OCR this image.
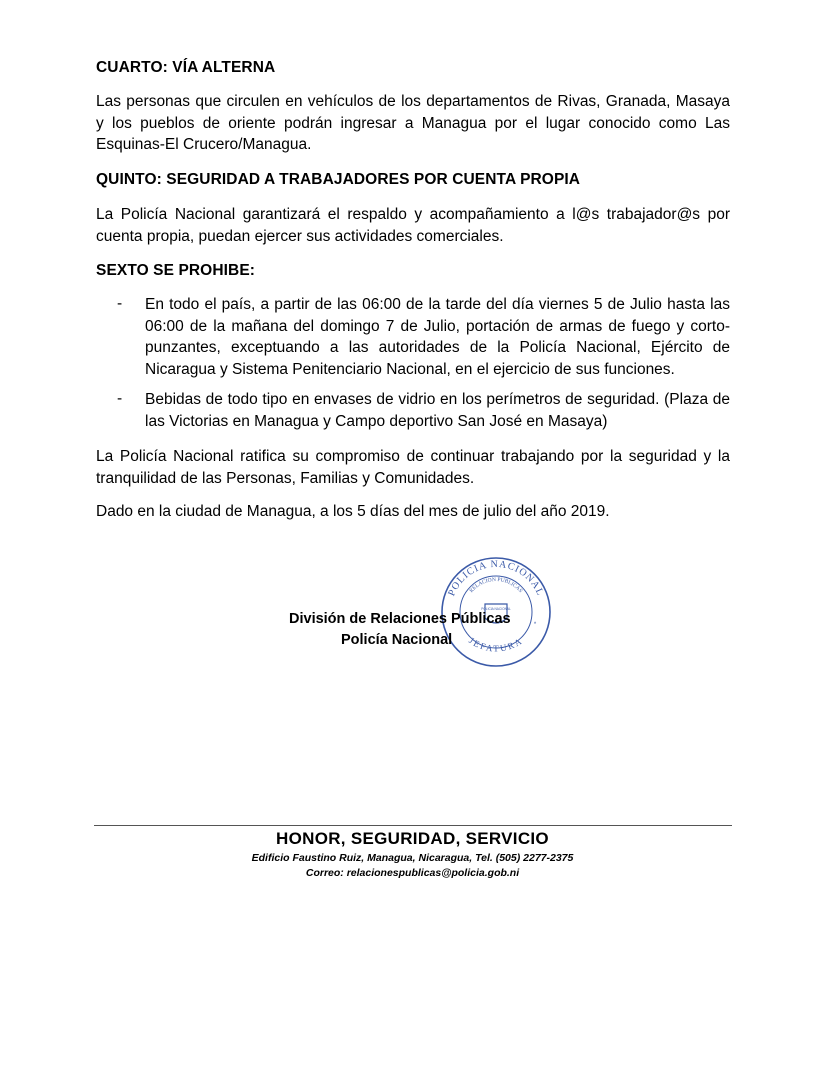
CUARTO: VÍA ALTERNA
Las personas que circulen en vehículos de los departamentos de Rivas, Granada, Masaya y los pueblos de oriente podrán ingresar a Managua por el lugar conocido como Las Esquinas-El Crucero/Managua.
QUINTO: SEGURIDAD A TRABAJADORES POR CUENTA PROPIA
La Policía Nacional garantizará el respaldo y acompañamiento a l@s trabajador@s por cuenta propia, puedan ejercer sus actividades comerciales.
SEXTO SE PROHIBE:
- En todo el país, a partir de las 06:00 de la tarde del día viernes 5 de Julio hasta las 06:00 de la mañana del domingo 7 de Julio, portación de armas de fuego y corto-punzantes, exceptuando a las autoridades de la Policía Nacional, Ejército de Nicaragua y Sistema Penitenciario Nacional, en el ejercicio de sus funciones.
- Bebidas de todo tipo en envases de vidrio en los perímetros de seguridad. (Plaza de las Victorias en Managua y Campo deportivo San José en Masaya)
La Policía Nacional ratifica su compromiso de continuar trabajando por la seguridad y la tranquilidad de las Personas, Familias y Comunidades.
Dado en la ciudad de Managua, a los 5 días del mes de julio del año 2019.
POLICIA NACIONAL
RELACION PUBLICAS
JEFATURA
POLICIA NACIONAL
*
División de Relaciones Públicas
Policía Nacional
HONOR, SEGURIDAD, SERVICIO
Edificio Faustino Ruiz, Managua, Nicaragua, Tel. (505) 2277-2375
Correo: relacionespublicas@policia.gob.ni
